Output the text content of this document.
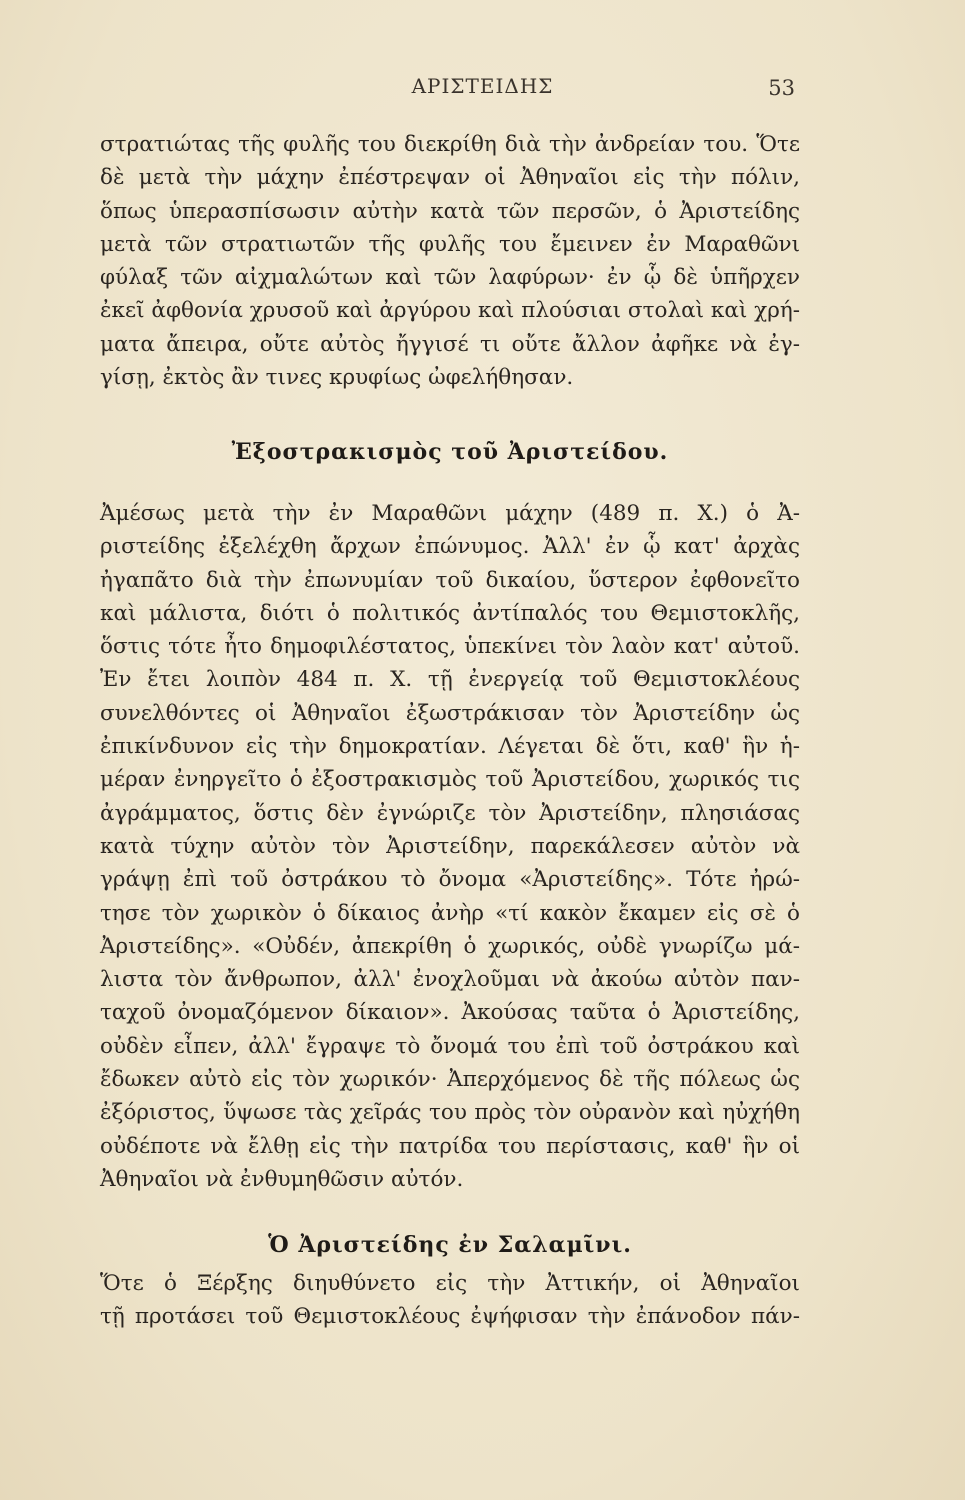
ΑΡΙΣΤΕΙΔΗΣ	53
στρατιώτας τῆς φυλῆς του διεκρίθη διὰ τὴν ἀνδρείαν του. Ὅτε
δὲ μετὰ τὴν μάχην ἐπέστρεψαν οἱ Ἀθηναῖοι εἰς τὴν πόλιν,
ὅπως ὑπερασπίσωσιν αὐτὴν κατὰ τῶν περσῶν, ὁ Ἀριστείδης
μετὰ τῶν στρατιωτῶν τῆς φυλῆς του ἔμεινεν ἐν Μαραθῶνι
φύλαξ τῶν αἰχμαλώτων καὶ τῶν λαφύρων· ἐν ᾧ δὲ ὑπῆρχεν
ἐκεῖ ἀφθονία χρυσοῦ καὶ ἀργύρου καὶ πλούσιαι στολαὶ καὶ χρή-
ματα ἄπειρα, οὔτε αὐτὸς ἤγγισέ τι οὔτε ἄλλον ἀφῆκε νὰ ἐγ-
γίσῃ, ἐκτὸς ἂν τινες κρυφίως ὠφελήθησαν.
Ἐξοστρακισμὸς τοῦ Ἀριστείδου.
Ἀμέσως μετὰ τὴν ἐν Μαραθῶνι μάχην (489 π. Χ.) ὁ Ἀ-
ριστείδης ἐξελέχθη ἄρχων ἐπώνυμος. Ἀλλ' ἐν ᾧ κατ' ἀρχὰς
ἠγαπᾶτο διὰ τὴν ἐπωνυμίαν τοῦ δικαίου, ὕστερον ἐφθονεῖτο
καὶ μάλιστα, διότι ὁ πολιτικός ἀντίπαλός του Θεμιστοκλῆς,
ὅστις τότε ἦτο δημοφιλέστατος, ὑπεκίνει τὸν λαὸν κατ' αὐτοῦ.
Ἐν ἔτει λοιπὸν 484 π. Χ. τῇ ἐνεργείᾳ τοῦ Θεμιστοκλέους
συνελθόντες οἱ Ἀθηναῖοι ἐξωστράκισαν τὸν Ἀριστείδην ὡς
ἐπικίνδυνον εἰς τὴν δημοκρατίαν. Λέγεται δὲ ὅτι, καθ' ἣν ἡ-
μέραν ἐνηργεῖτο ὁ ἐξοστρακισμὸς τοῦ Ἀριστείδου, χωρικός τις
ἀγράμματος, ὅστις δὲν ἐγνώριζε τὸν Ἀριστείδην, πλησιάσας
κατὰ τύχην αὐτὸν τὸν Ἀριστείδην, παρεκάλεσεν αὐτὸν νὰ
γράψῃ ἐπὶ τοῦ ὀστράκου τὸ ὄνομα «Ἀριστείδης». Τότε ἠρώ-
τησε τὸν χωρικὸν ὁ δίκαιος ἀνὴρ «τί κακὸν ἔκαμεν εἰς σὲ ὁ
Ἀριστείδης». «Οὐδέν, ἀπεκρίθη ὁ χωρικός, οὐδὲ γνωρίζω μά-
λιστα τὸν ἄνθρωπον, ἀλλ' ἐνοχλοῦμαι νὰ ἀκούω αὐτὸν παν-
ταχοῦ ὀνομαζόμενον δίκαιον». Ἀκούσας ταῦτα ὁ Ἀριστείδης,
οὐδὲν εἶπεν, ἀλλ' ἔγραψε τὸ ὄνομά του ἐπὶ τοῦ ὀστράκου καὶ
ἔδωκεν αὐτὸ εἰς τὸν χωρικόν· Ἀπερχόμενος δὲ τῆς πόλεως ὡς
ἐξόριστος, ὕψωσε τὰς χεῖράς του πρὸς τὸν οὐρανὸν καὶ ηὐχήθη
οὐδέποτε νὰ ἔλθῃ εἰς τὴν πατρίδα του περίστασις, καθ' ἣν οἱ
Ἀθηναῖοι νὰ ἐνθυμηθῶσιν αὐτόν.
Ὁ Ἀριστείδης ἐν Σαλαμῖνι.
Ὅτε ὁ Ξέρξης διηυθύνετο εἰς τὴν Ἀττικήν, οἱ Ἀθηναῖοι
τῇ προτάσει τοῦ Θεμιστοκλέους ἐψήφισαν τὴν ἐπάνοδον πάν-
